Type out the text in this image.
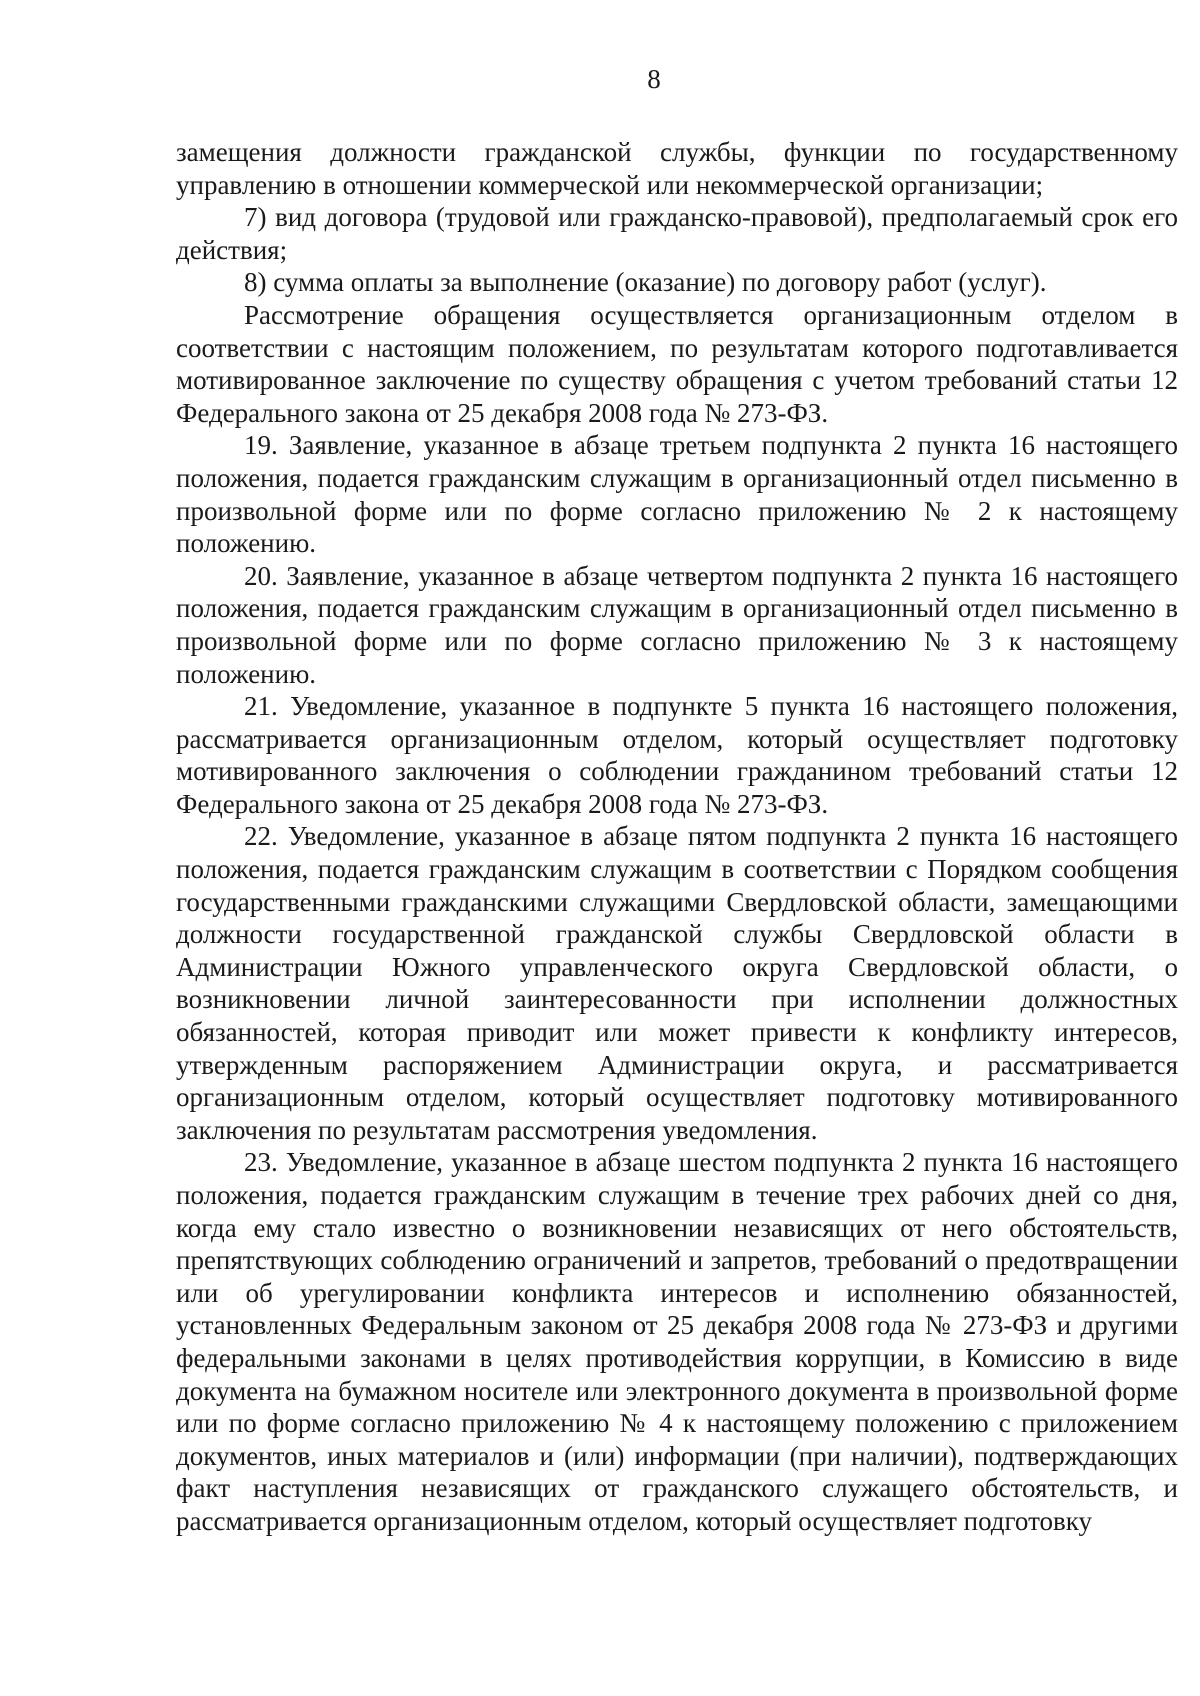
8

замещения должности гражданской службы, функции по государственному управлению в отношении коммерческой или некоммерческой организации;

7) вид договора (трудовой или гражданско-правовой), предполагаемый срок его действия;

8) сумма оплаты за выполнение (оказание) по договору работ (услуг).

Рассмотрение обращения осуществляется организационным отделом в соответствии с настоящим положением, по результатам которого подготавливается мотивированное заключение по существу обращения с учетом требований статьи 12 Федерального закона от 25 декабря 2008 года № 273-ФЗ.

19. Заявление, указанное в абзаце третьем подпункта 2 пункта 16 настоящего положения, подается гражданским служащим в организационный отдел письменно в произвольной форме или по форме согласно приложению № 2 к настоящему положению.

20. Заявление, указанное в абзаце четвертом подпункта 2 пункта 16 настоящего положения, подается гражданским служащим в организационный отдел письменно в произвольной форме или по форме согласно приложению № 3 к настоящему положению.

21. Уведомление, указанное в подпункте 5 пункта 16 настоящего положения, рассматривается организационным отделом, который осуществляет подготовку мотивированного заключения о соблюдении гражданином требований статьи 12 Федерального закона от 25 декабря 2008 года № 273-ФЗ.

22. Уведомление, указанное в абзаце пятом подпункта 2 пункта 16 настоящего положения, подается гражданским служащим в соответствии с Порядком сообщения государственными гражданскими служащими Свердловской области, замещающими должности государственной гражданской службы Свердловской области в Администрации Южного управленческого округа Свердловской области, о возникновении личной заинтересованности при исполнении должностных обязанностей, которая приводит или может привести к конфликту интересов, утвержденным распоряжением Администрации округа, и рассматривается организационным отделом, который осуществляет подготовку мотивированного заключения по результатам рассмотрения уведомления.

23. Уведомление, указанное в абзаце шестом подпункта 2 пункта 16 настоящего положения, подается гражданским служащим в течение трех рабочих дней со дня, когда ему стало известно о возникновении независящих от него обстоятельств, препятствующих соблюдению ограничений и запретов, требований о предотвращении или об урегулировании конфликта интересов и исполнению обязанностей, установленных Федеральным законом от 25 декабря 2008 года № 273-ФЗ и другими федеральными законами в целях противодействия коррупции, в Комиссию в виде документа на бумажном носителе или электронного документа в произвольной форме или по форме согласно приложению № 4 к настоящему положению с приложением документов, иных материалов и (или) информации (при наличии), подтверждающих факт наступления независящих от гражданского служащего обстоятельств, и рассматривается организационным отделом, который осуществляет подготовку
